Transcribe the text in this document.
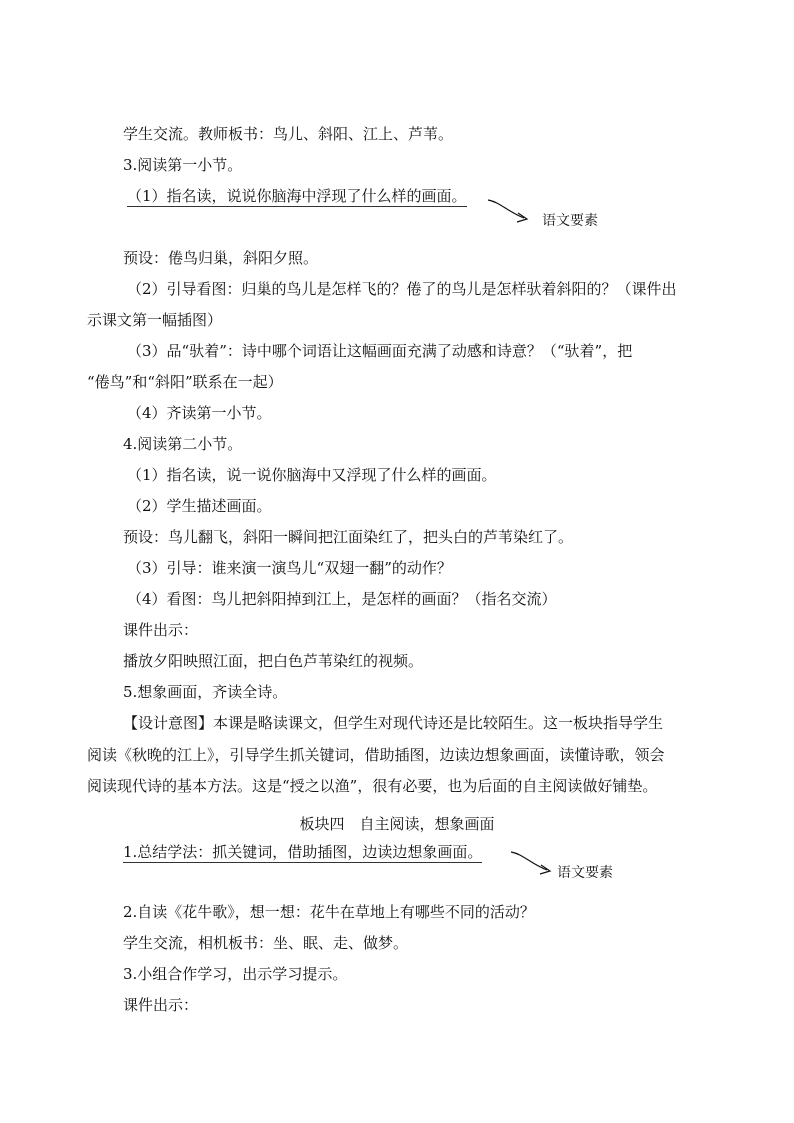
学生交流。教师板书：鸟儿、斜阳、江上、芦苇。
3.阅读第一小节。
（1）指名读，说说你脑海中浮现了什么样的画面。
语文要素
预设：倦鸟归巢，斜阳夕照。
（2）引导看图：归巢的鸟儿是怎样飞的？倦了的鸟儿是怎样驮着斜阳的？（课件出
示课文第一幅插图）
（3）品“驮着”：诗中哪个词语让这幅画面充满了动感和诗意？（“驮着”，把
“倦鸟”和“斜阳”联系在一起）
（4）齐读第一小节。
4.阅读第二小节。
（1）指名读，说一说你脑海中又浮现了什么样的画面。
（2）学生描述画面。
预设：鸟儿翻飞，斜阳一瞬间把江面染红了，把头白的芦苇染红了。
（3）引导：谁来演一演鸟儿“双翅一翻”的动作？
（4）看图：鸟儿把斜阳掉到江上，是怎样的画面？（指名交流）
课件出示：
播放夕阳映照江面，把白色芦苇染红的视频。
5.想象画面，齐读全诗。
【设计意图】本课是略读课文，但学生对现代诗还是比较陌生。这一板块指导学生
阅读《秋晚的江上》，引导学生抓关键词，借助插图，边读边想象画面，读懂诗歌，领会
阅读现代诗的基本方法。这是“授之以渔”，很有必要，也为后面的自主阅读做好铺垫。
板块四　自主阅读，想象画面
1.总结学法：抓关键词，借助插图，边读边想象画面。
语文要素
2.自读《花牛歌》，想一想：花牛在草地上有哪些不同的活动？
学生交流，相机板书：坐、眠、走、做梦。
3.小组合作学习，出示学习提示。
课件出示：
